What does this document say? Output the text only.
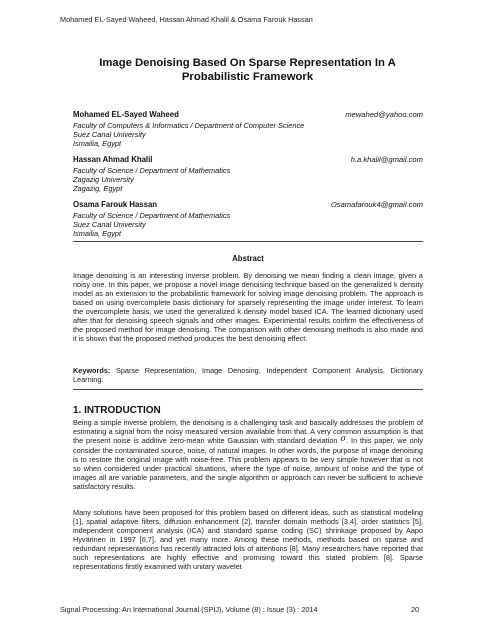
Mohamed EL-Sayed Waheed, Hassan Ahmad Khalil & Osama Farouk Hassan
Image Denoising Based On Sparse Representation In A
Probabilistic Framework
Mohamed EL-Sayed Waheed
Faculty of Computers & Informatics / Department of Computer Science
Suez Canal University
Ismailia, Egypt
mewahed@yahoo.com
Hassan Ahmad Khalil
Faculty of Science / Department of Mathematics
Zagazig University
Zagazig, Egypt
h.a.khalil@gmail.com
Osama Farouk Hassan
Faculty of Science / Department of Mathematics
Suez Canal University
Ismailia, Egypt
Osamafarouk4@gmail.com
Abstract
Image denoising is an interesting inverse problem. By denoising we mean finding a clean image, given a noisy one. In this paper, we propose a novel image denoising technique based on the generalized k density model as an extension to the probabilistic framework for solving image denoising problem. The approach is based on using overcomplete basis dictionary for sparsely representing the image under interest. To learn the overcomplete basis, we used the generalized k density model based ICA. The learned dictionary used after that for denoising speech signals and other images. Experimental results confirm the effectiveness of the proposed method for image denoising. The comparison with other denoising methods is also made and it is shown that the proposed method produces the best denoising effect.
Keywords: Sparse Representation, Image Denosing, Independent Component Analysis, Dictionary Learning.
1. INTRODUCTION
Being a simple inverse problem, the denoising is a challenging task and basically addresses the problem of estimating a signal from the noisy measured version available from that. A very common assumption is that the present noise is additive zero-mean white Gaussian with standard deviation σ. In this paper, we only consider the contaminated source, noise, of natural images. In other words, the purpose of image denoising is to restore the original image with noise-free. This problem appears to be very simple however that is not so when considered under practical situations, where the type of noise, amount of noise and the type of images all are variable parameters, and the single algorithm or approach can never be sufficient to achieve satisfactory results.
Many solutions have been proposed for this problem based on different ideas, such as statistical modeling [1], spatial adaptive filters, diffusion enhancement [2], transfer domain methods [3,4], order statistics [5], independent component analysis (ICA) and standard sparse coding (SC) shrinkage proposed by Aapo Hyvärinen in 1997 [6,7], and yet many more. Among these methods, methods based on sparse and redundant representations has recently attracted lots of attentions [8]. Many researchers have reported that such representations are highly effective and promising toward this stated problem [8]. Sparse representations firstly examined with unitary wavelet
Signal Processing: An International Journal (SPIJ), Volume (8) : Issue (3) : 2014	20
